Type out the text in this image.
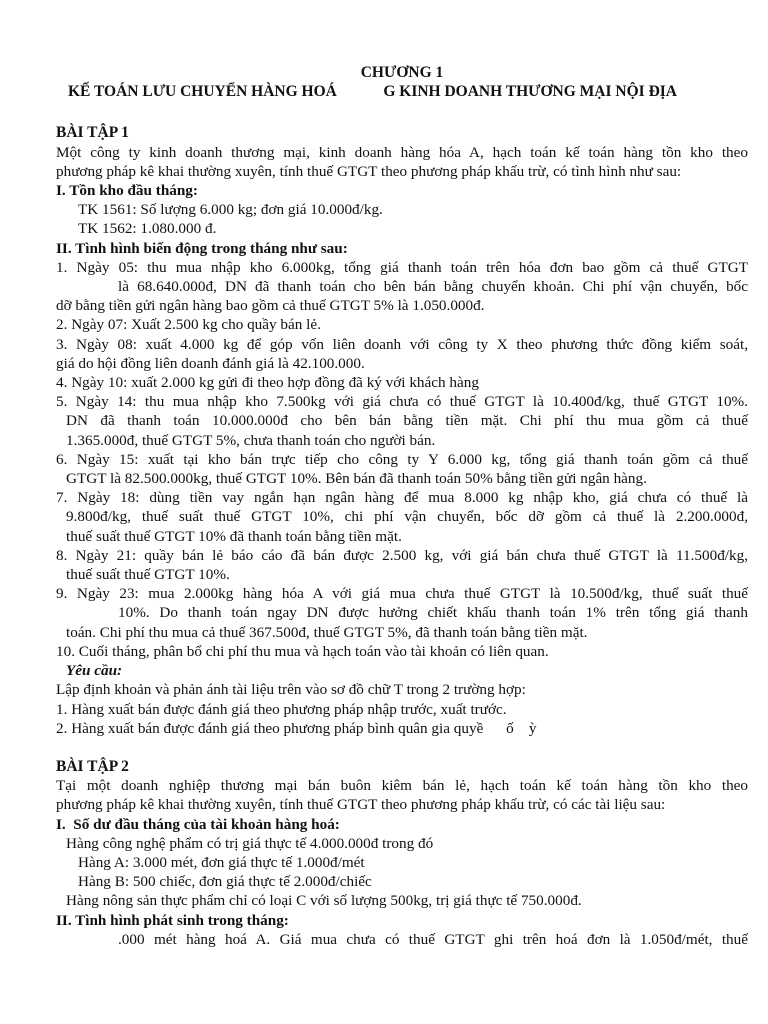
CHƯƠNG 1

KẾ TOÁN LƯU CHUYỂN HÀNG HOÁ            G KINH DOANH THƯƠNG MẠI NỘI ĐỊA

BÀI TẬP 1

Một công ty kinh doanh thương mại, kinh doanh hàng hóa A, hạch toán kế toán hàng tồn kho theo

phương pháp kê khai thường xuyên, tính thuế GTGT theo phương pháp khấu trừ, có tình hình như sau:

I. Tồn kho đầu tháng:

TK 1561: Số lượng 6.000 kg; đơn giá 10.000đ/kg.

TK 1562: 1.080.000 đ.

II. Tình hình biến động trong tháng như sau:

1. Ngày 05: thu mua nhập kho 6.000kg, tổng giá thanh toán trên hóa đơn bao gồm cả thuế GTGT

là 68.640.000đ, DN đã thanh toán cho bên bán bằng chuyển khoản. Chi phí vận chuyển, bốc

dỡ bằng tiền gửi ngân hàng bao gồm cả thuế GTGT 5% là 1.050.000đ.

2. Ngày 07: Xuất 2.500 kg cho quầy bán lẻ.

3. Ngày 08: xuất 4.000 kg để góp vốn liên doanh với công ty X theo phương thức đồng kiểm soát,

giá do hội đồng liên doanh đánh giá là 42.100.000.

4. Ngày 10: xuất 2.000 kg gửi đi theo hợp đồng đã ký với khách hàng

5. Ngày 14: thu mua nhập kho 7.500kg với giá chưa có thuế GTGT là 10.400đ/kg, thuế GTGT 10%.

DN đã thanh toán 10.000.000đ cho bên bán bằng tiền mặt. Chi phí thu mua gồm cả thuế

1.365.000đ, thuế GTGT 5%, chưa thanh toán cho người bán.

6. Ngày 15: xuất tại kho bán trực tiếp cho công ty Y 6.000 kg, tổng giá thanh toán gồm cả thuế

GTGT là 82.500.000kg, thuế GTGT 10%. Bên bán đã thanh toán 50% bằng tiền gửi ngân hàng.

7. Ngày 18: dùng tiền vay ngắn hạn ngân hàng để mua 8.000 kg nhập kho, giá chưa có thuế là

9.800đ/kg, thuế suất thuế GTGT 10%, chi phí vận chuyển, bốc dỡ gồm cả thuế là 2.200.000đ,

thuế suất thuế GTGT 10% đã thanh toán bằng tiền mặt.

8. Ngày 21: quầy bán lẻ báo cáo đã bán được 2.500 kg, với giá bán chưa thuế GTGT là 11.500đ/kg,

thuế suất thuế GTGT 10%.

9. Ngày 23: mua 2.000kg hàng hóa A với giá mua chưa thuế GTGT là 10.500đ/kg, thuế suất thuế

10%. Do thanh toán ngay DN được hưởng chiết khấu thanh toán 1% trên tổng giá thanh

toán. Chi phí thu mua cả thuế 367.500đ, thuế GTGT 5%, đã thanh toán bằng tiền mặt.

10. Cuối tháng, phân bổ chi phí thu mua và hạch toán vào tài khoản có liên quan.

Yêu cầu:

Lập định khoản và phản ánh tài liệu trên vào sơ đồ chữ T trong 2 trường hợp:

1. Hàng xuất bán được đánh giá theo phương pháp nhập trước, xuất trước.

2. Hàng xuất bán được đánh giá theo phương pháp bình quân gia quyề      ố    ỳ

BÀI TẬP 2

Tại một doanh nghiệp thương mại bán buôn kiêm bán lẻ, hạch toán kế toán hàng tồn kho theo

phương pháp kê khai thường xuyên, tính thuế GTGT theo phương pháp khấu trừ, có các tài liệu sau:

I.  Số dư đầu tháng của tài khoản hàng hoá:

Hàng công nghệ phẩm có trị giá thực tế 4.000.000đ trong đó

Hàng A: 3.000 mét, đơn giá thực tế 1.000đ/mét

Hàng B: 500 chiếc, đơn giá thực tế 2.000đ/chiếc

Hàng nông sản thực phẩm chỉ có loại C với số lượng 500kg, trị giá thực tế 750.000đ.

II. Tình hình phát sinh trong tháng:

.000 mét hàng hoá A. Giá mua chưa có thuế GTGT ghi trên hoá đơn là 1.050đ/mét, thuế
